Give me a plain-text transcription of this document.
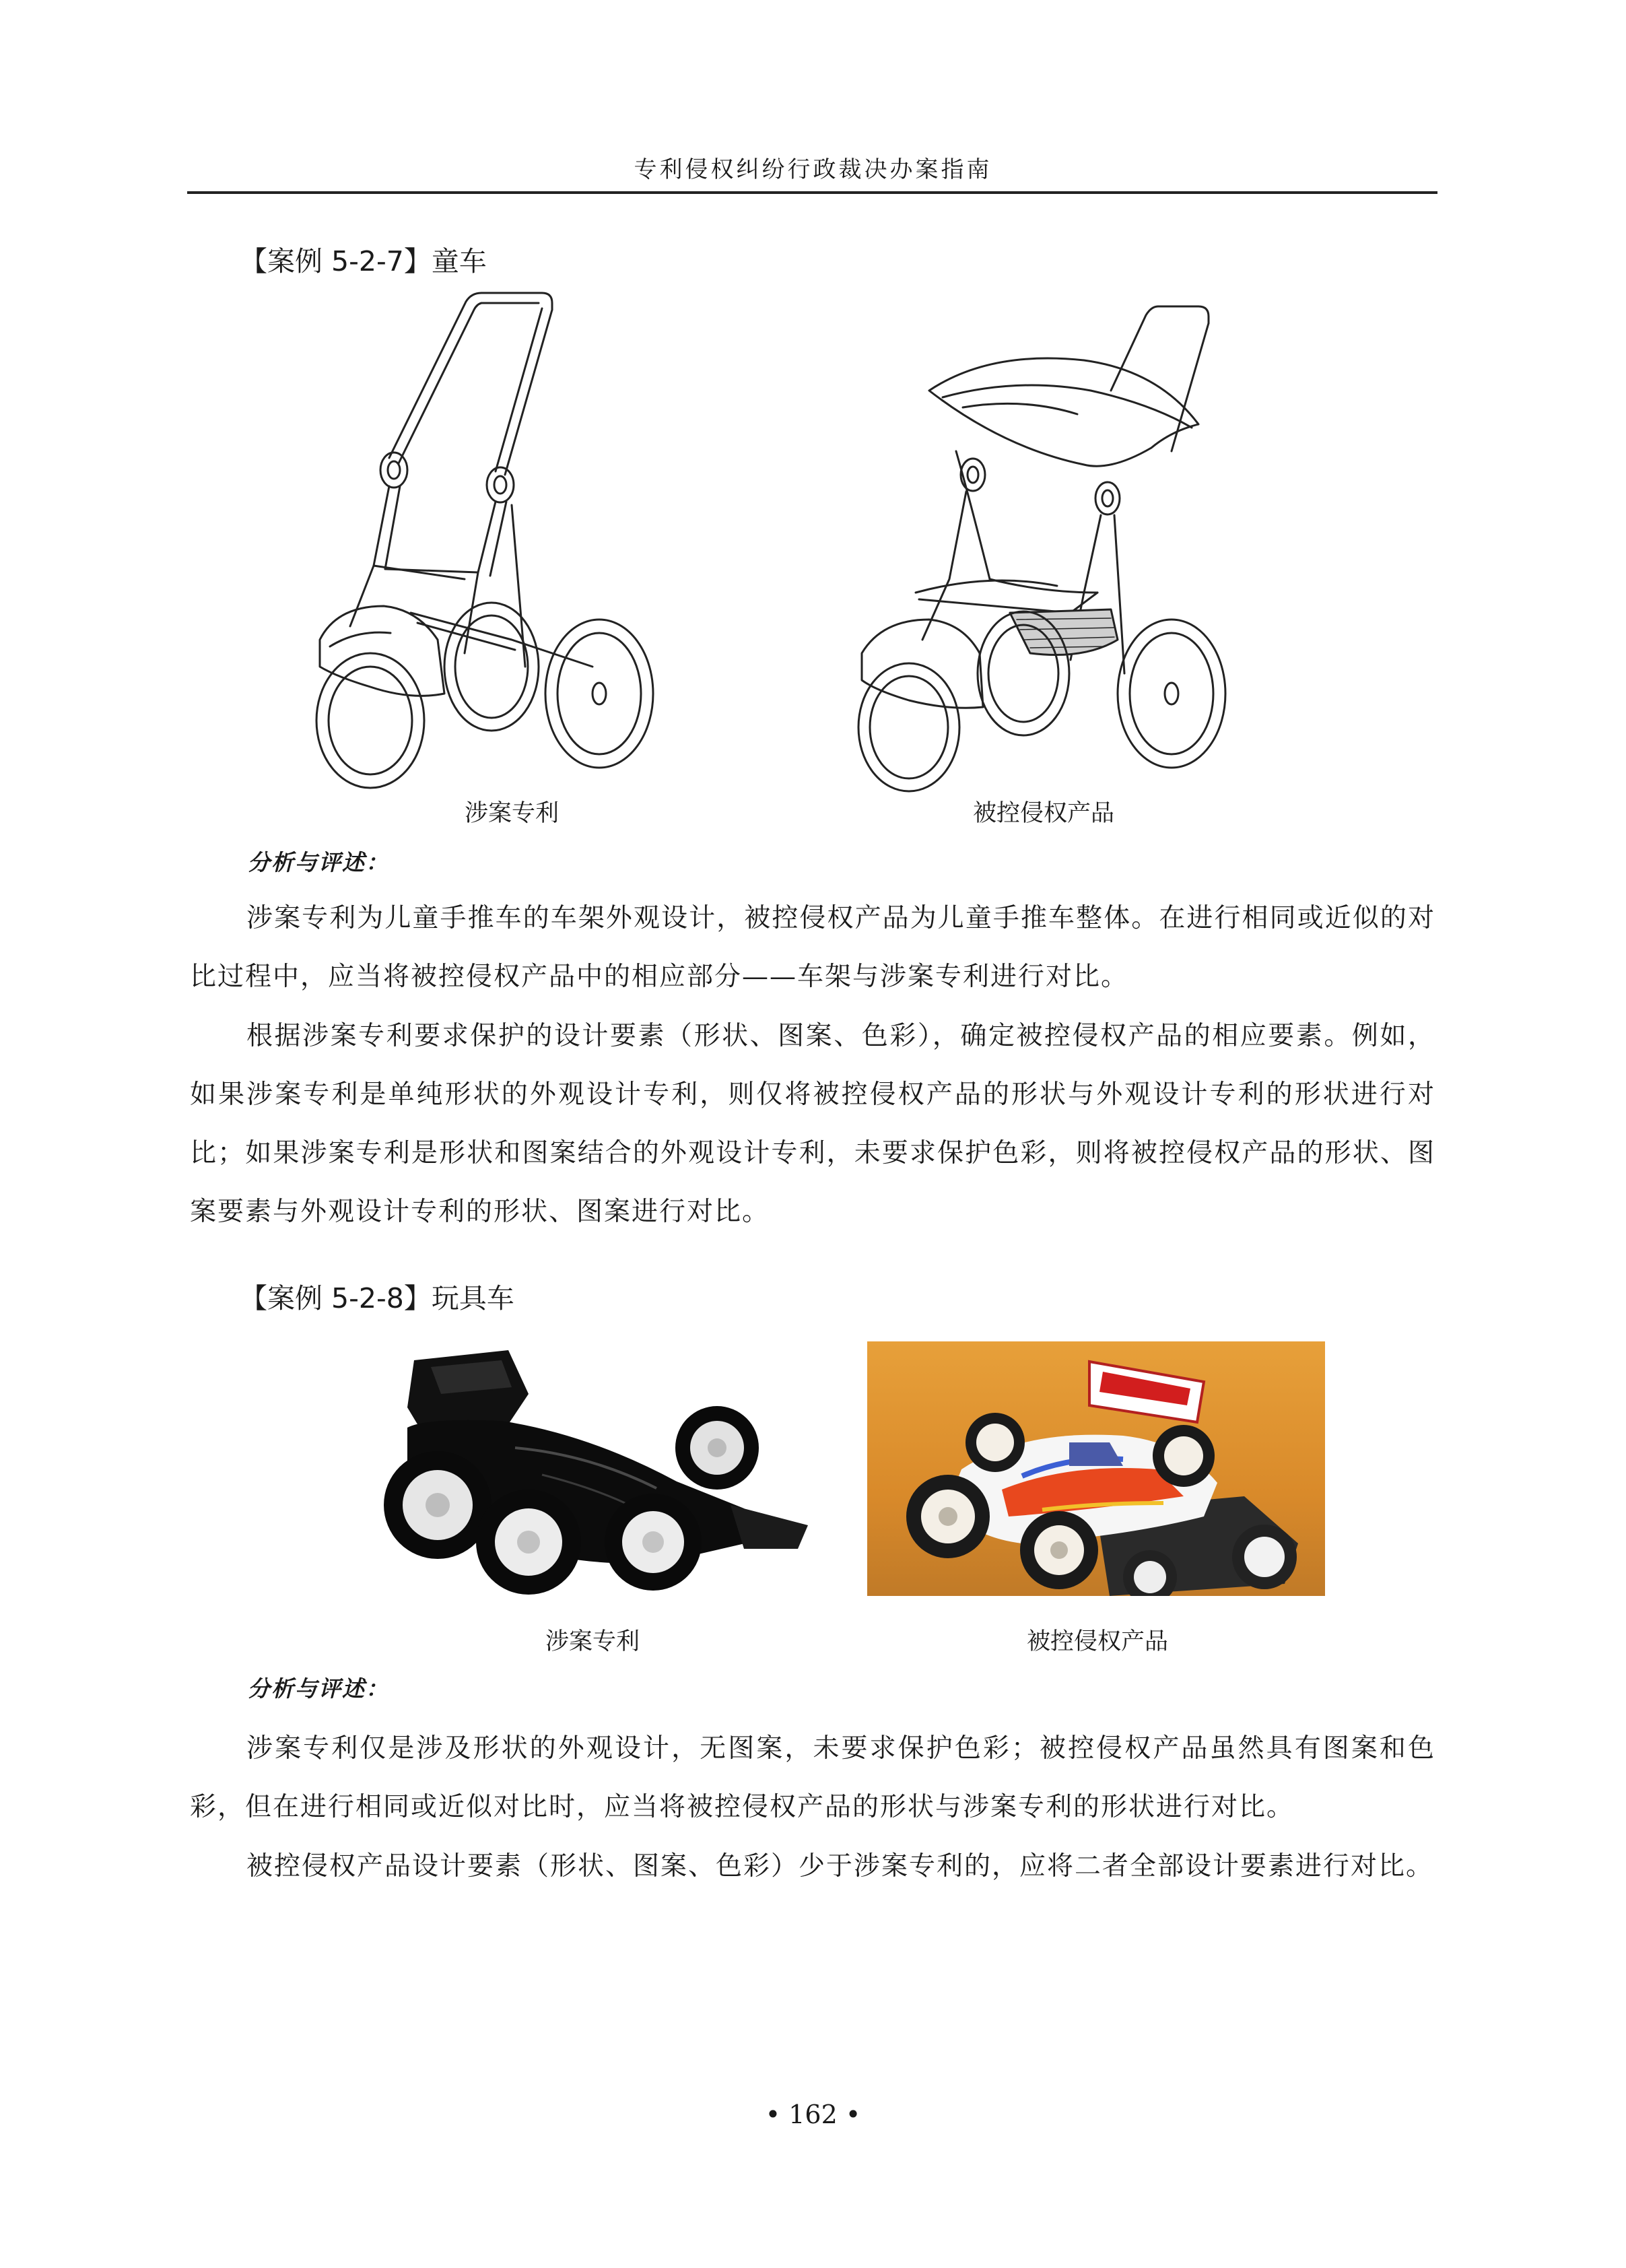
专利侵权纠纷行政裁决办案指南
【案例 5-2-7】童车
涉案专利	被控侵权产品
分析与评述：
涉案专利为儿童手推车的车架外观设计，被控侵权产品为儿童手推车整体。在进行相同或近似的对比过程中，应当将被控侵权产品中的相应部分——车架与涉案专利进行对比。
根据涉案专利要求保护的设计要素（形状、图案、色彩），确定被控侵权产品的相应要素。例如，如果涉案专利是单纯形状的外观设计专利，则仅将被控侵权产品的形状与外观设计专利的形状进行对比；如果涉案专利是形状和图案结合的外观设计专利，未要求保护色彩，则将被控侵权产品的形状、图案要素与外观设计专利的形状、图案进行对比。
【案例 5-2-8】玩具车
涉案专利	被控侵权产品
分析与评述：
涉案专利仅是涉及形状的外观设计，无图案，未要求保护色彩；被控侵权产品虽然具有图案和色彩，但在进行相同或近似对比时，应当将被控侵权产品的形状与涉案专利的形状进行对比。
被控侵权产品设计要素（形状、图案、色彩）少于涉案专利的，应将二者全部设计要素进行对比。
• 162 •
